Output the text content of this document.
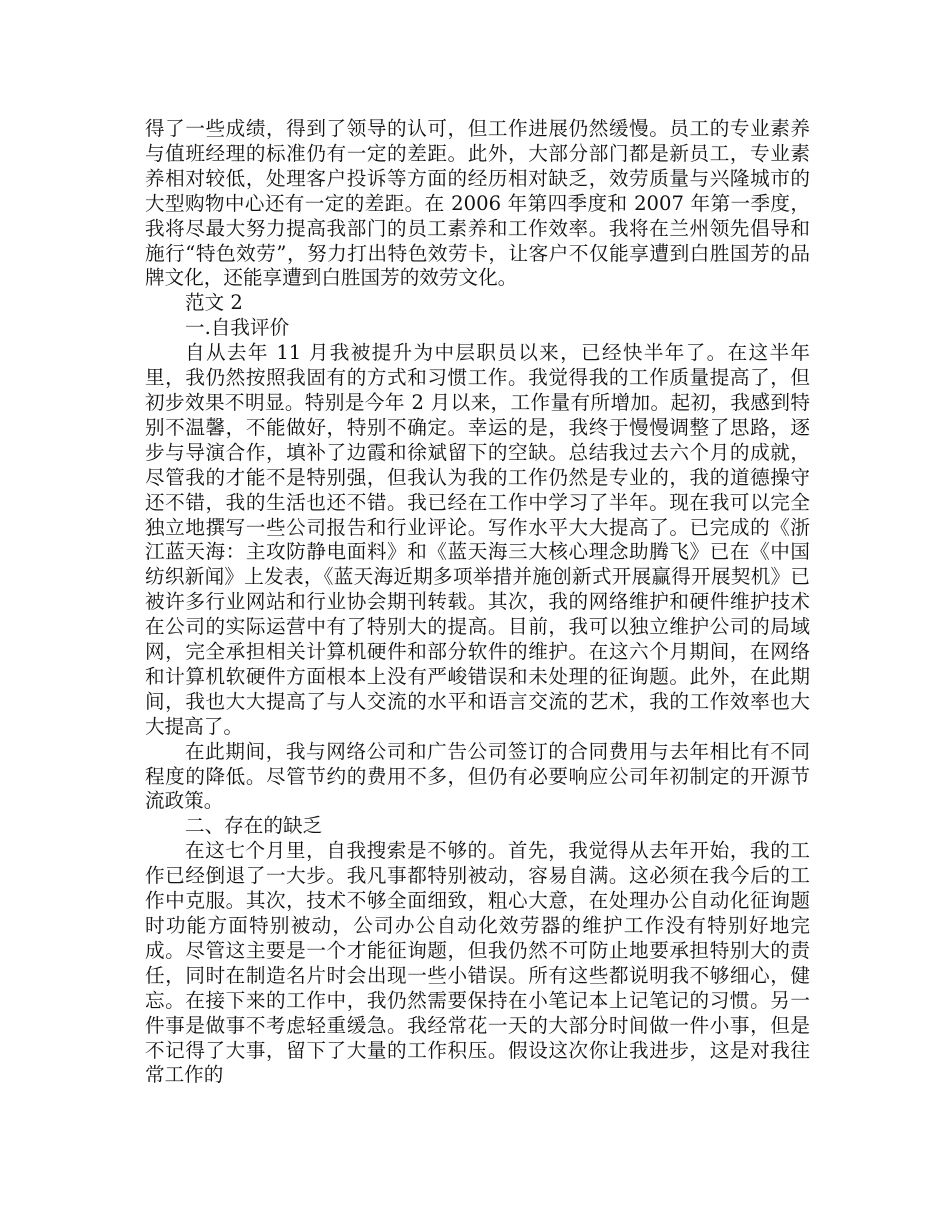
得了一些成绩，得到了领导的认可，但工作进展仍然缓慢。员工的专业素养与值班经理的标准仍有一定的差距。此外，大部分部门都是新员工，专业素养相对较低，处理客户投诉等方面的经历相对缺乏，效劳质量与兴隆城市的大型购物中心还有一定的差距。在 2006 年第四季度和 2007 年第一季度，我将尽最大努力提高我部门的员工素养和工作效率。我将在兰州领先倡导和施行“特色效劳”，努力打出特色效劳卡，让客户不仅能享遭到白胜国芳的品牌文化，还能享遭到白胜国芳的效劳文化。

范文 2

一.自我评价

自从去年 11 月我被提升为中层职员以来，已经快半年了。在这半年里，我仍然按照我固有的方式和习惯工作。我觉得我的工作质量提高了，但初步效果不明显。特别是今年 2 月以来，工作量有所增加。起初，我感到特别不温馨，不能做好，特别不确定。幸运的是，我终于慢慢调整了思路，逐步与导演合作，填补了边霞和徐斌留下的空缺。总结我过去六个月的成就，尽管我的才能不是特别强，但我认为我的工作仍然是专业的，我的道德操守还不错，我的生活也还不错。我已经在工作中学习了半年。现在我可以完全独立地撰写一些公司报告和行业评论。写作水平大大提高了。已完成的《浙江蓝天海：主攻防静电面料》和《蓝天海三大核心理念助腾飞》已在《中国纺织新闻》上发表，《蓝天海近期多项举措并施创新式开展赢得开展契机》已被许多行业网站和行业协会期刊转载。其次，我的网络维护和硬件维护技术在公司的实际运营中有了特别大的提高。目前，我可以独立维护公司的局域网，完全承担相关计算机硬件和部分软件的维护。在这六个月期间，在网络和计算机软硬件方面根本上没有严峻错误和未处理的征询题。此外，在此期间，我也大大提高了与人交流的水平和语言交流的艺术，我的工作效率也大大提高了。

在此期间，我与网络公司和广告公司签订的合同费用与去年相比有不同程度的降低。尽管节约的费用不多，但仍有必要响应公司年初制定的开源节流政策。

二、存在的缺乏

在这七个月里，自我搜索是不够的。首先，我觉得从去年开始，我的工作已经倒退了一大步。我凡事都特别被动，容易自满。这必须在我今后的工作中克服。其次，技术不够全面细致，粗心大意，在处理办公自动化征询题时功能方面特别被动，公司办公自动化效劳器的维护工作没有特别好地完成。尽管这主要是一个才能征询题，但我仍然不可防止地要承担特别大的责任，同时在制造名片时会出现一些小错误。所有这些都说明我不够细心，健忘。在接下来的工作中，我仍然需要保持在小笔记本上记笔记的习惯。另一件事是做事不考虑轻重缓急。我经常花一天的大部分时间做一件小事，但是不记得了大事，留下了大量的工作积压。假设这次你让我进步，这是对我往常工作的
